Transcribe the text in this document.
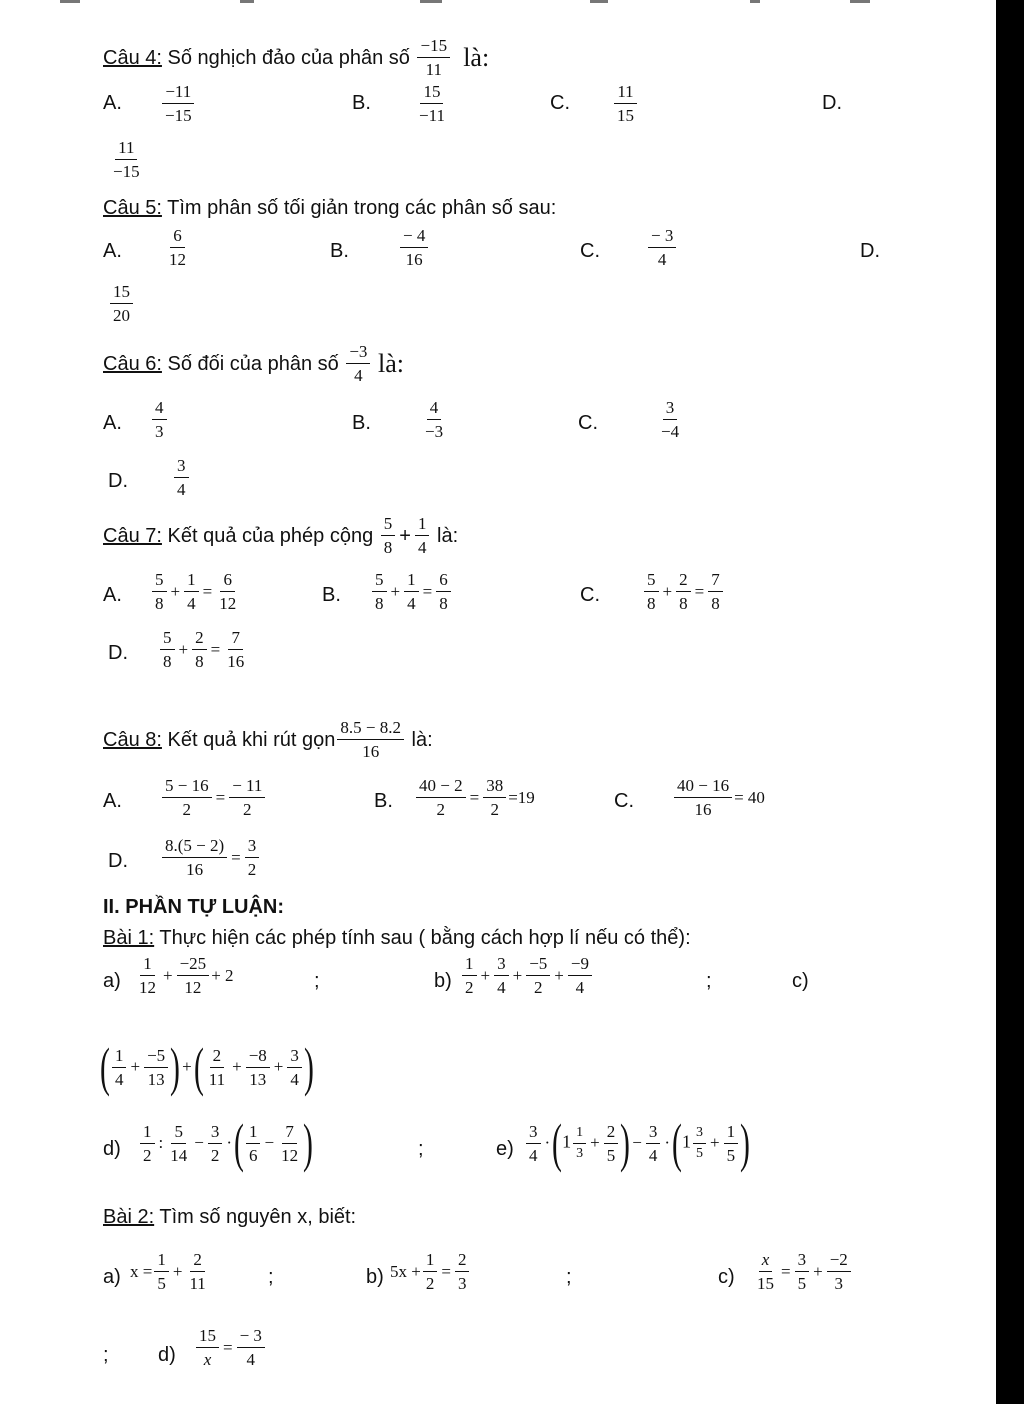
Câu 4:
Số nghịch đảo của phân số

−15
11
là:
A. $\frac{-11}{-15}$	B.	$\frac{15}{-11}$	C.	$\frac{11}{15}$	D.
$\frac{11}{-15}$
Câu 5: Tìm phân số tối giản trong các phân số sau:
A.	$\frac{6}{12}$	B.	$\frac{- 4}{16}$	C.	$\frac{- 3}{4}$	D.
$\frac{15}{20}$
Câu 6:
Số đối của phân số

−3
4
là:
A. $\frac{4}{3}$	B.	$\frac{4}{-3}$	C.	$\frac{3}{-4}$
D.	$\frac{3}{4}$
Câu 7:
Kết quả của phép cộng

5
8
+ $\frac{1}{4}$
là:
A.
5
8
+ $\frac{1}{4} = \frac{6}{12}$	B.
5
8
+ $\frac{1}{4} = \frac{6}{8}$	C.
5
8
+ $\frac{2}{8} = \frac{7}{8}$
D.
5
8
+ $\frac{2}{8} = \frac{7}{16}$
Câu 8:
Kết quả khi rút gọn
8.5 − 8.2
16

là:
A. $\frac{5 - 16}{2} = \frac{- 11}{2}$	B. $\frac{40 - 2}{2} = \frac{38}{2} =19$	C. $\frac{40 - 16}{16} = 40$
D. $\frac{8.(5 - 2)}{16} = \frac{3}{2}$
II. PHẦN TỰ LUẬN:
Bài 1: Thực hiện các phép tính sau ( bằng cách hợp lí nếu có thể):
a)
1
12
+ $\frac{-25}{12} + 2$	;	b)
1
2
+ $\frac{3}{4} + \frac{-5}{2} + \frac{-9}{4}$	;	c)
( 1
4
+ $\frac{-5}{13}$ ) + ( 2
11
+ $\frac{-8}{13} + \frac{3}{4}$ )
d)
1
2
:
5
14
− $\frac{3}{2}$ · ( 1
6
− $\frac{7}{12}$ )	;	e)
3
4
· ( $1 \frac{1}{3} + \frac{2}{5}$ ) − $\frac{3}{4}$ · ( $1 \frac{3}{5} + \frac{1}{5}$ )
Bài 2: Tìm số nguyên x, biết:
a) $x = \frac{1}{5} + \frac{2}{11}$	;	b) $5x + \frac{1}{2} = \frac{2}{3}$	;	$c) \frac{x}{15} = \frac{3}{5} + \frac{-2}{3}$
; $d) \frac{15}{x} = \frac{- 3}{4}$
